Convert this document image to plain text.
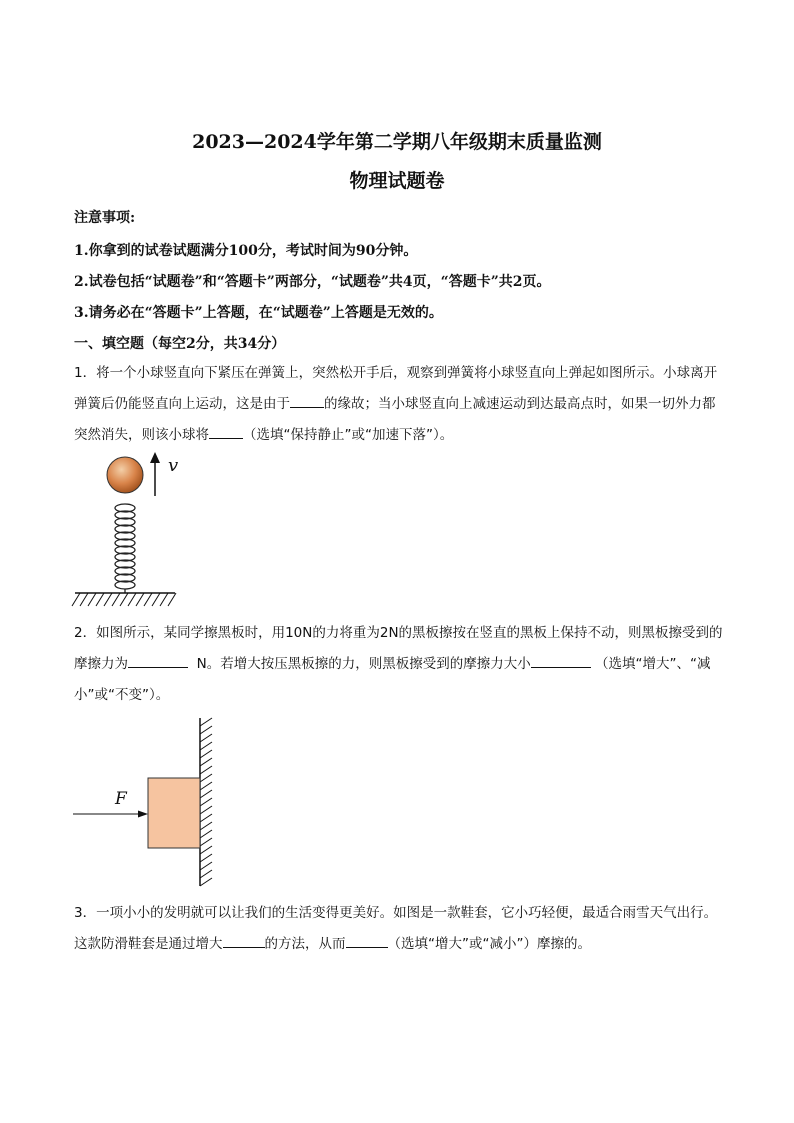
2023—2024学年第二学期八年级期末质量监测
物理试题卷
注意事项:
1.你拿到的试卷试题满分100分，考试时间为90分钟。
2.试卷包括“试题卷”和“答题卡”两部分，“试题卷”共4页，“答题卡”共2页。
3.请务必在“答题卡”上答题，在“试题卷”上答题是无效的。
一、填空题（每空2分，共34分）
1．将一个小球竖直向下紧压在弹簧上，突然松开手后，观察到弹簧将小球竖直向上弹起如图所示。小球离开弹簧后仍能竖直向上运动，这是由于	的缘故；当小球竖直向上减速运动到达最高点时，如果一切外力都突然消失，则该小球将	（选填“保持静止”或“加速下落”）。
v
2．如图所示，某同学擦黑板时，用10N的力将重为2N的黑板擦按在竖直的黑板上保持不动，则黑板擦受到的摩擦力为	N。若增大按压黑板擦的力，则黑板擦受到的摩擦力大小	（选填“增大”、“减小”或“不变”）。
F
3．一项小小的发明就可以让我们的生活变得更美好。如图是一款鞋套，它小巧轻便，最适合雨雪天气出行。这款防滑鞋套是通过增大	的方法，从而	（选填“增大”或“减小”）摩擦的。
